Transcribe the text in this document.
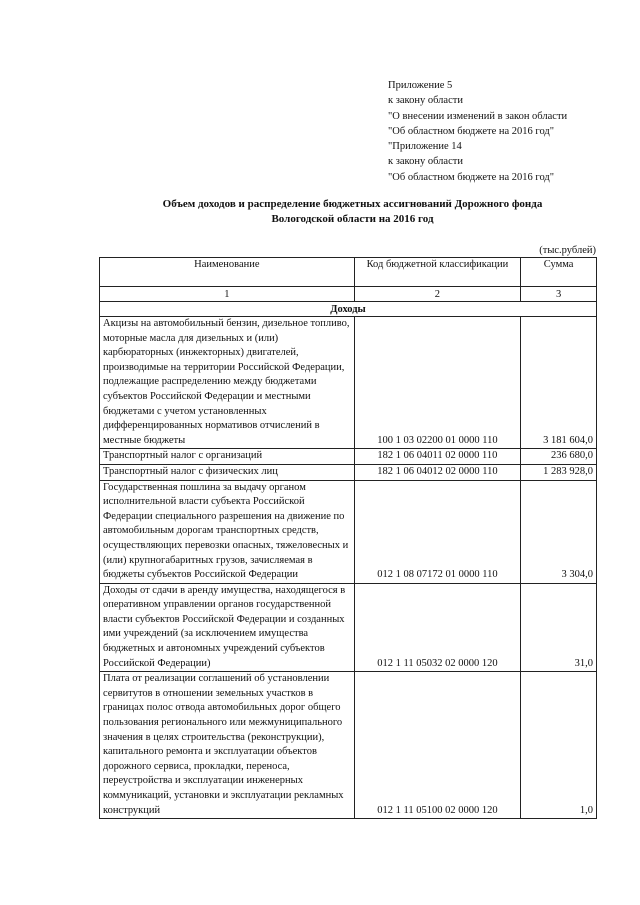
Приложение 5
к закону области
"О внесении изменений в закон области
"Об областном бюджете на 2016 год"
"Приложение 14
к закону области
"Об областном бюджете на 2016 год"
Объем доходов и распределение бюджетных ассигнований Дорожного фонда
Вологодской области на 2016 год
(тыс.рублей)
Наименование	Код бюджетной классификации	Сумма
1	2	3
Доходы		
Акцизы на автомобильный бензин, дизельное топливо, моторные масла для дизельных и (или) карбюраторных (инжекторных) двигателей, производимые на территории Российской Федерации, подлежащие распределению между бюджетами субъектов Российской Федерации и местными бюджетами с учетом установленных дифференцированных нормативов отчислений в местные бюджеты	100 1 03 02200 01 0000 110	3 181 604,0
Транспортный налог с организаций	182 1 06 04011 02 0000 110	236 680,0
Транспортный налог с физических лиц	182 1 06 04012 02 0000 110	1 283 928,0
Государственная пошлина за выдачу органом исполнительной власти субъекта Российской Федерации специального разрешения на движение по автомобильным дорогам транспортных средств, осуществляющих перевозки опасных, тяжеловесных и (или) крупногабаритных грузов, зачисляемая в бюджеты субъектов Российской Федерации	012 1 08 07172 01 0000 110	3 304,0
Доходы от сдачи в аренду имущества, находящегося в оперативном управлении органов государственной власти субъектов Российской Федерации и созданных ими учреждений (за исключением имущества бюджетных и автономных учреждений субъектов Российской Федерации)	012 1 11 05032 02 0000 120	31,0
Плата от реализации соглашений об установлении сервитутов в отношении земельных участков в границах полос отвода автомобильных дорог общего пользования регионального или межмуниципального значения в целях строительства (реконструкции), капитального ремонта и эксплуатации объектов дорожного сервиса, прокладки, переноса, переустройства и эксплуатации инженерных коммуникаций, установки и эксплуатации рекламных конструкций	012 1 11 05100 02 0000 120	1,0
